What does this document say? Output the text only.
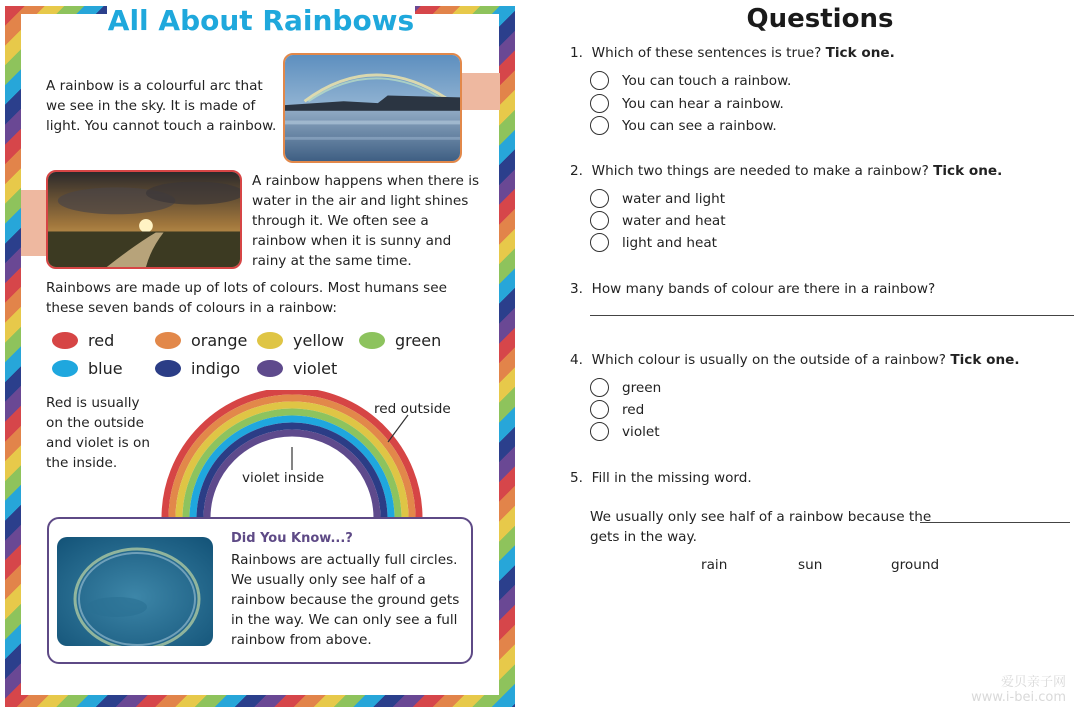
All About Rainbows
A rainbow is a colourful arc that we see in the sky. It is made of light. You cannot touch a rainbow.
A rainbow happens when there is water in the air and light shines through it. We often see a rainbow when it is sunny and rainy at the same time.
Rainbows are made up of lots of colours. Most humans see these seven bands of colours in a rainbow:
red	orange	yellow	green
blue	indigo	violet
Red is usually on the outside and violet is on the inside.
red outside
violet inside
Did You Know...?
Rainbows are actually full circles. We usually only see half of a rainbow because the ground gets in the way. We can only see a full rainbow from above.
Questions
1. Which of these sentences is true? Tick one.
You can touch a rainbow.
You can hear a rainbow.
You can see a rainbow.
2. Which two things are needed to make a rainbow? Tick one.
water and light
water and heat
light and heat
3. How many bands of colour are there in a rainbow?
4. Which colour is usually on the outside of a rainbow? Tick one.
green
red
violet
5. Fill in the missing word.
We usually only see half of a rainbow because the
gets in the way.
rain	sun	ground
爱贝亲子网
www.i-bei.com
